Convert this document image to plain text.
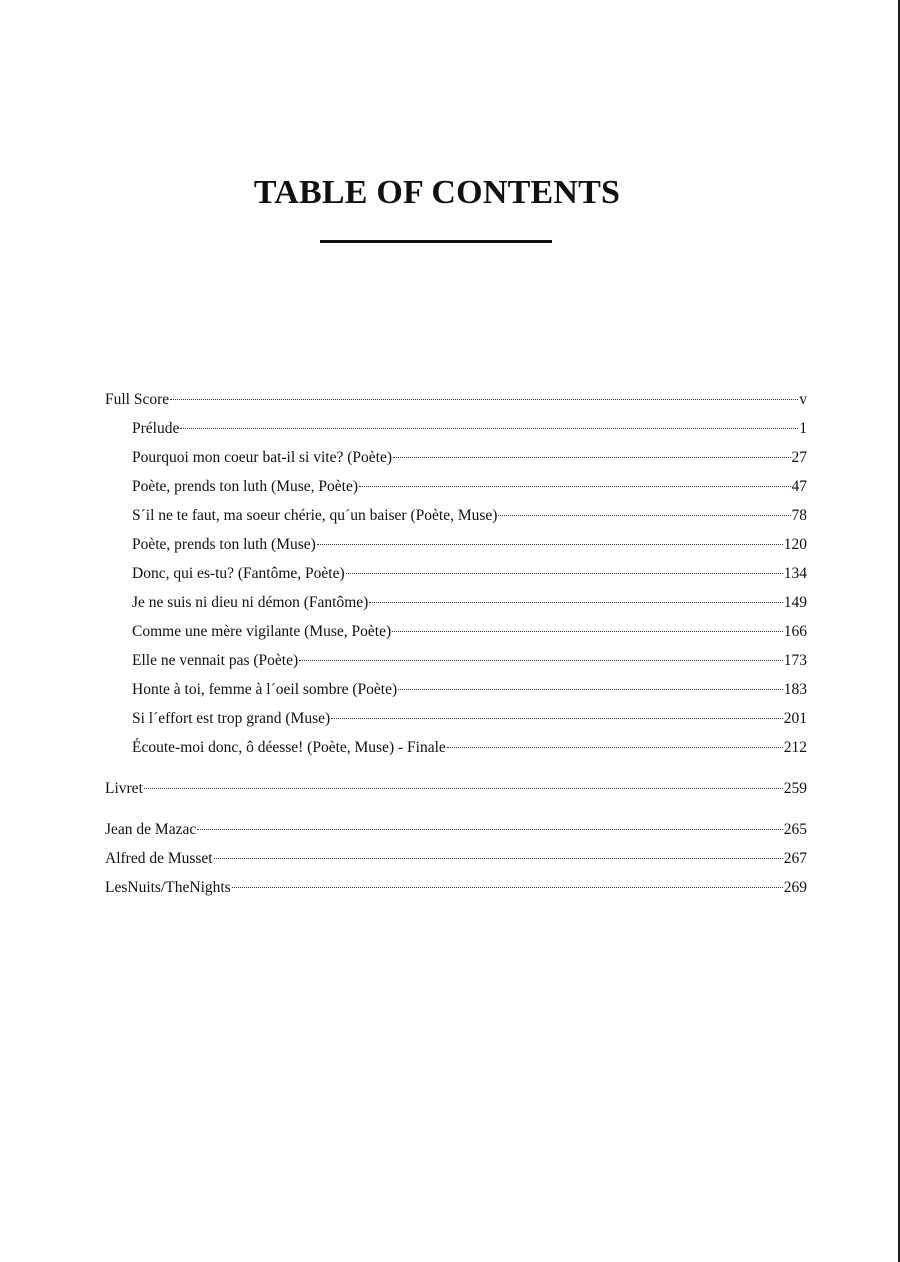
TABLE OF CONTENTS
Full Score	v
Prélude	1
Pourquoi mon coeur bat-il si vite? (Poète)	27
Poète, prends ton luth (Muse, Poète)	47
S´il ne te faut, ma soeur chérie, qu´un baiser (Poète, Muse)	78
Poète, prends ton luth (Muse)	120
Donc, qui es-tu? (Fantôme, Poète)	134
Je ne suis ni dieu ni démon (Fantôme)	149
Comme une mère vigilante (Muse, Poète)	166
Elle ne vennait pas (Poète)	173
Honte à toi, femme à l´oeil sombre (Poète)	183
Si l´effort est trop grand (Muse)	201
Écoute-moi donc, ô déesse! (Poète, Muse) - Finale	212
Livret	259
Jean de Mazac	265
Alfred de Musset	267
LesNuits/TheNights	269
